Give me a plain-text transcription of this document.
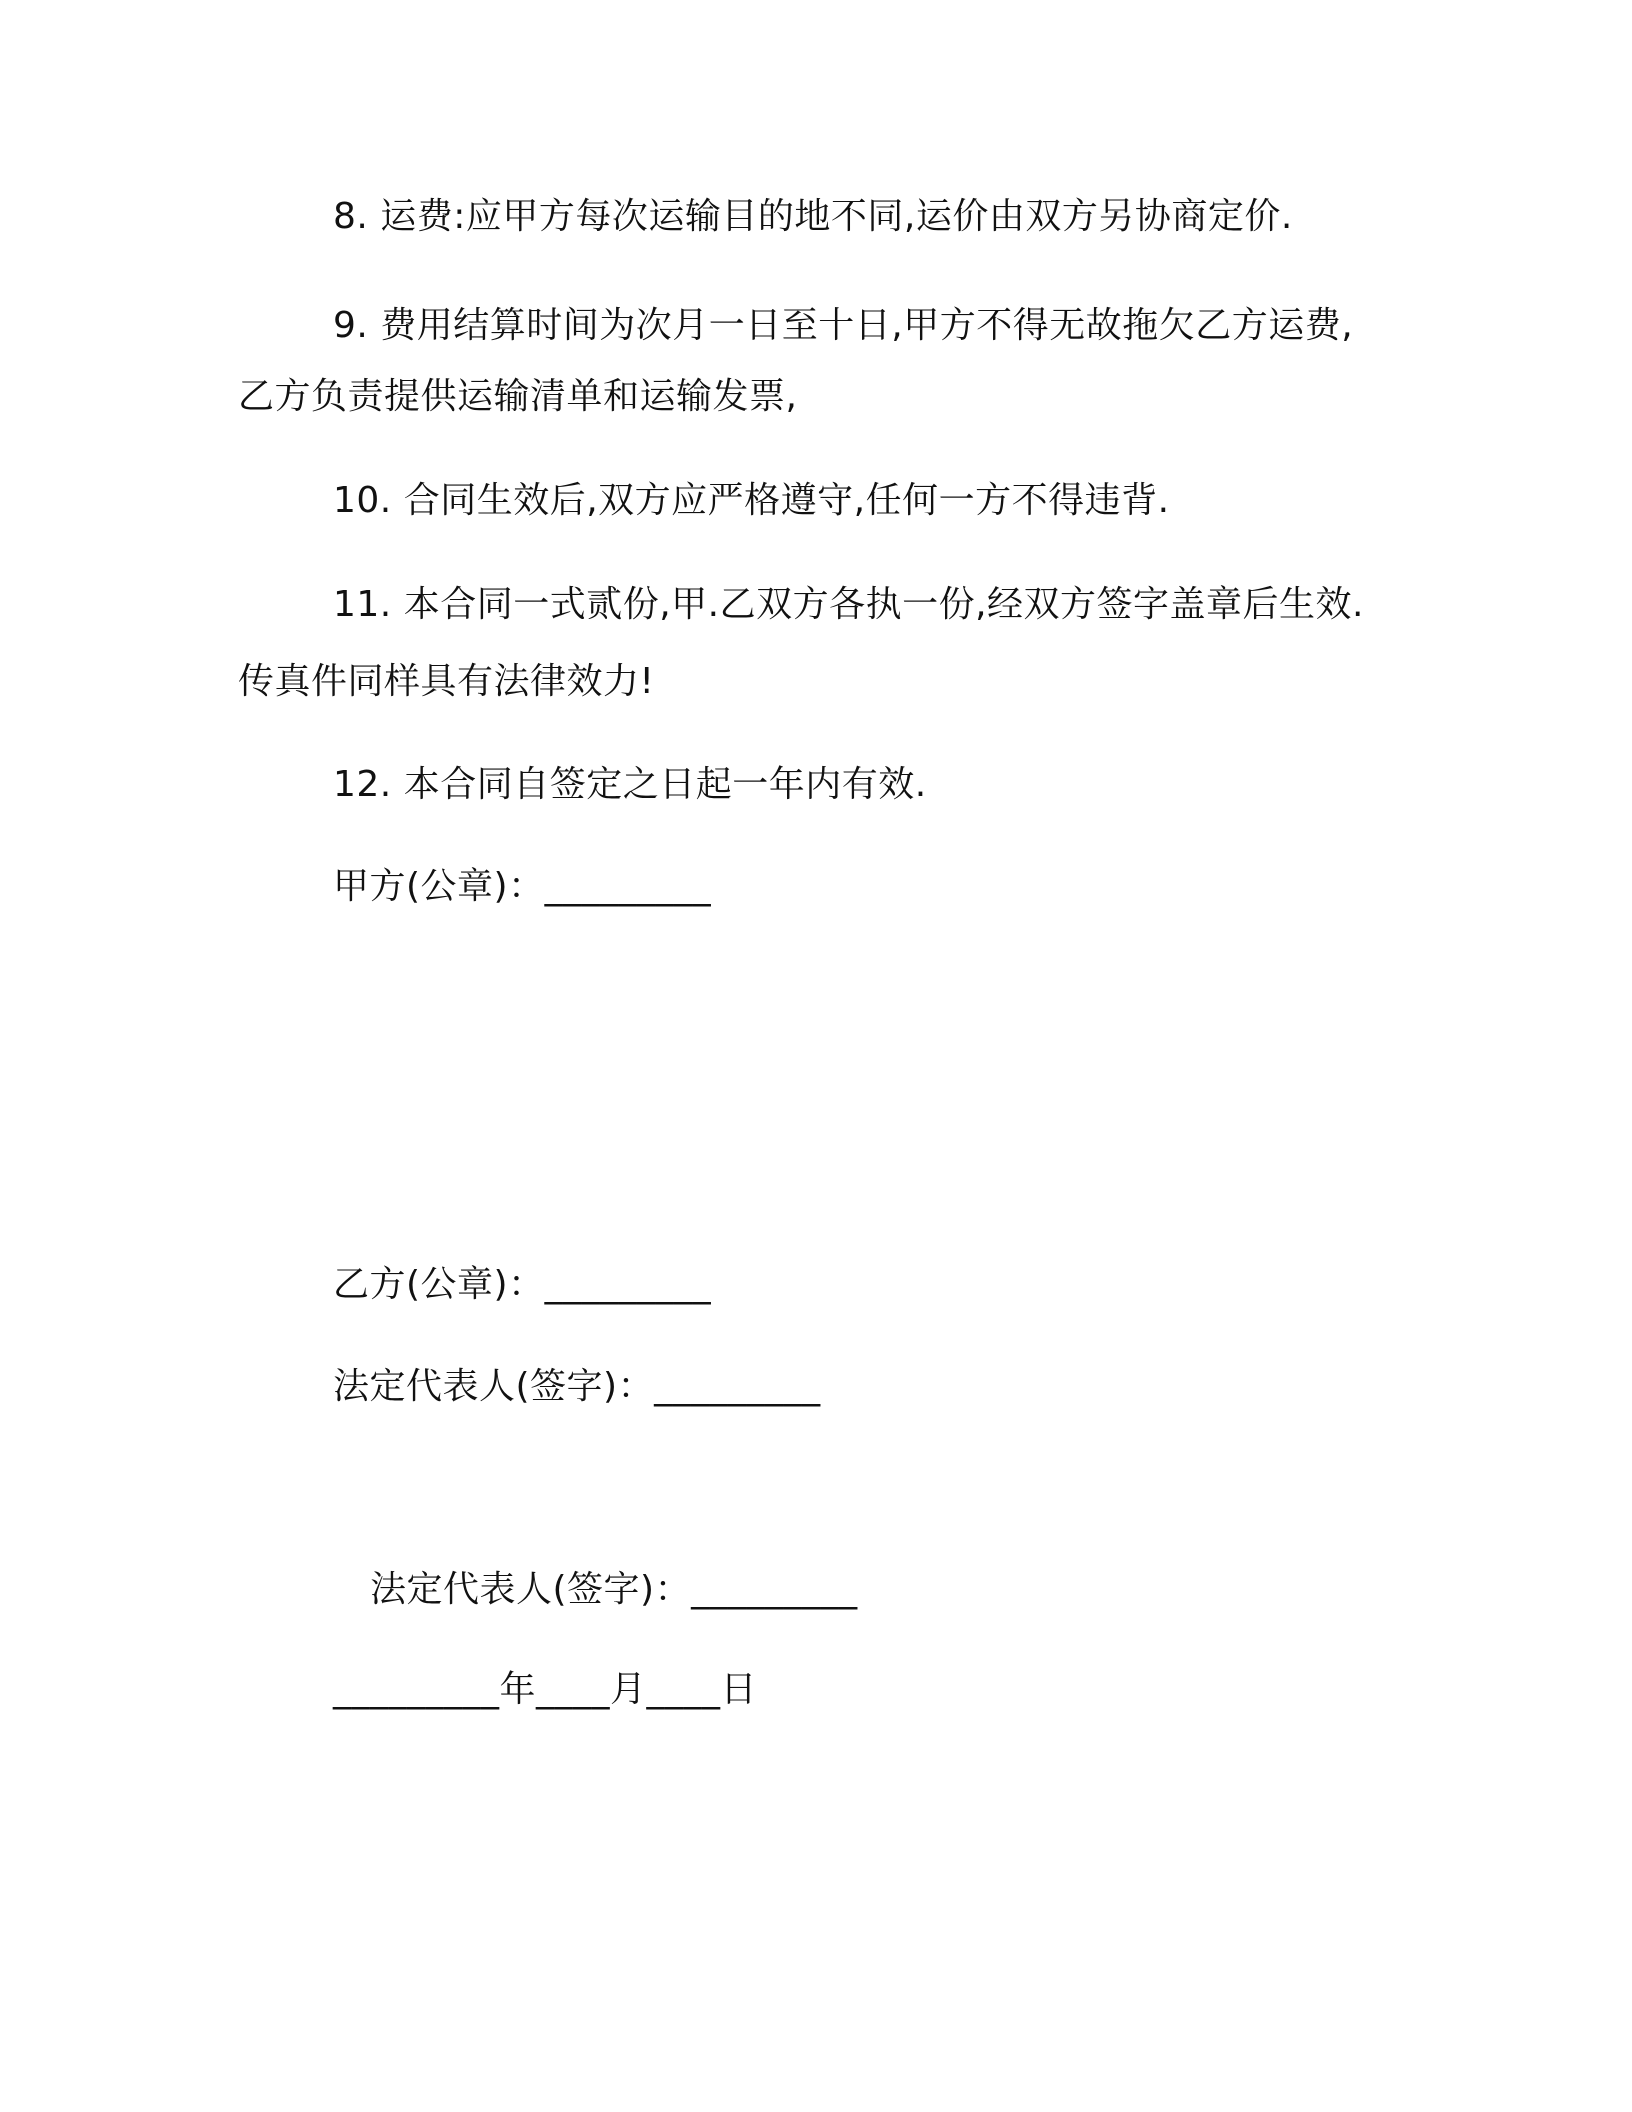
8. 运费:应甲方每次运输目的地不同,运价由双方另协商定价.
9. 费用结算时间为次月一日至十日,甲方不得无故拖欠乙方运费,
乙方负责提供运输清单和运输发票,
10. 合同生效后,双方应严格遵守,任何一方不得违背.
11. 本合同一式贰份,甲.乙双方各执一份,经双方签字盖章后生效.
传真件同样具有法律效力!
12. 本合同自签定之日起一年内有效.
甲方(公章)：_________
乙方(公章)：_________
法定代表人(签字)：_________
法定代表人(签字)：_________
_________年____月____日
